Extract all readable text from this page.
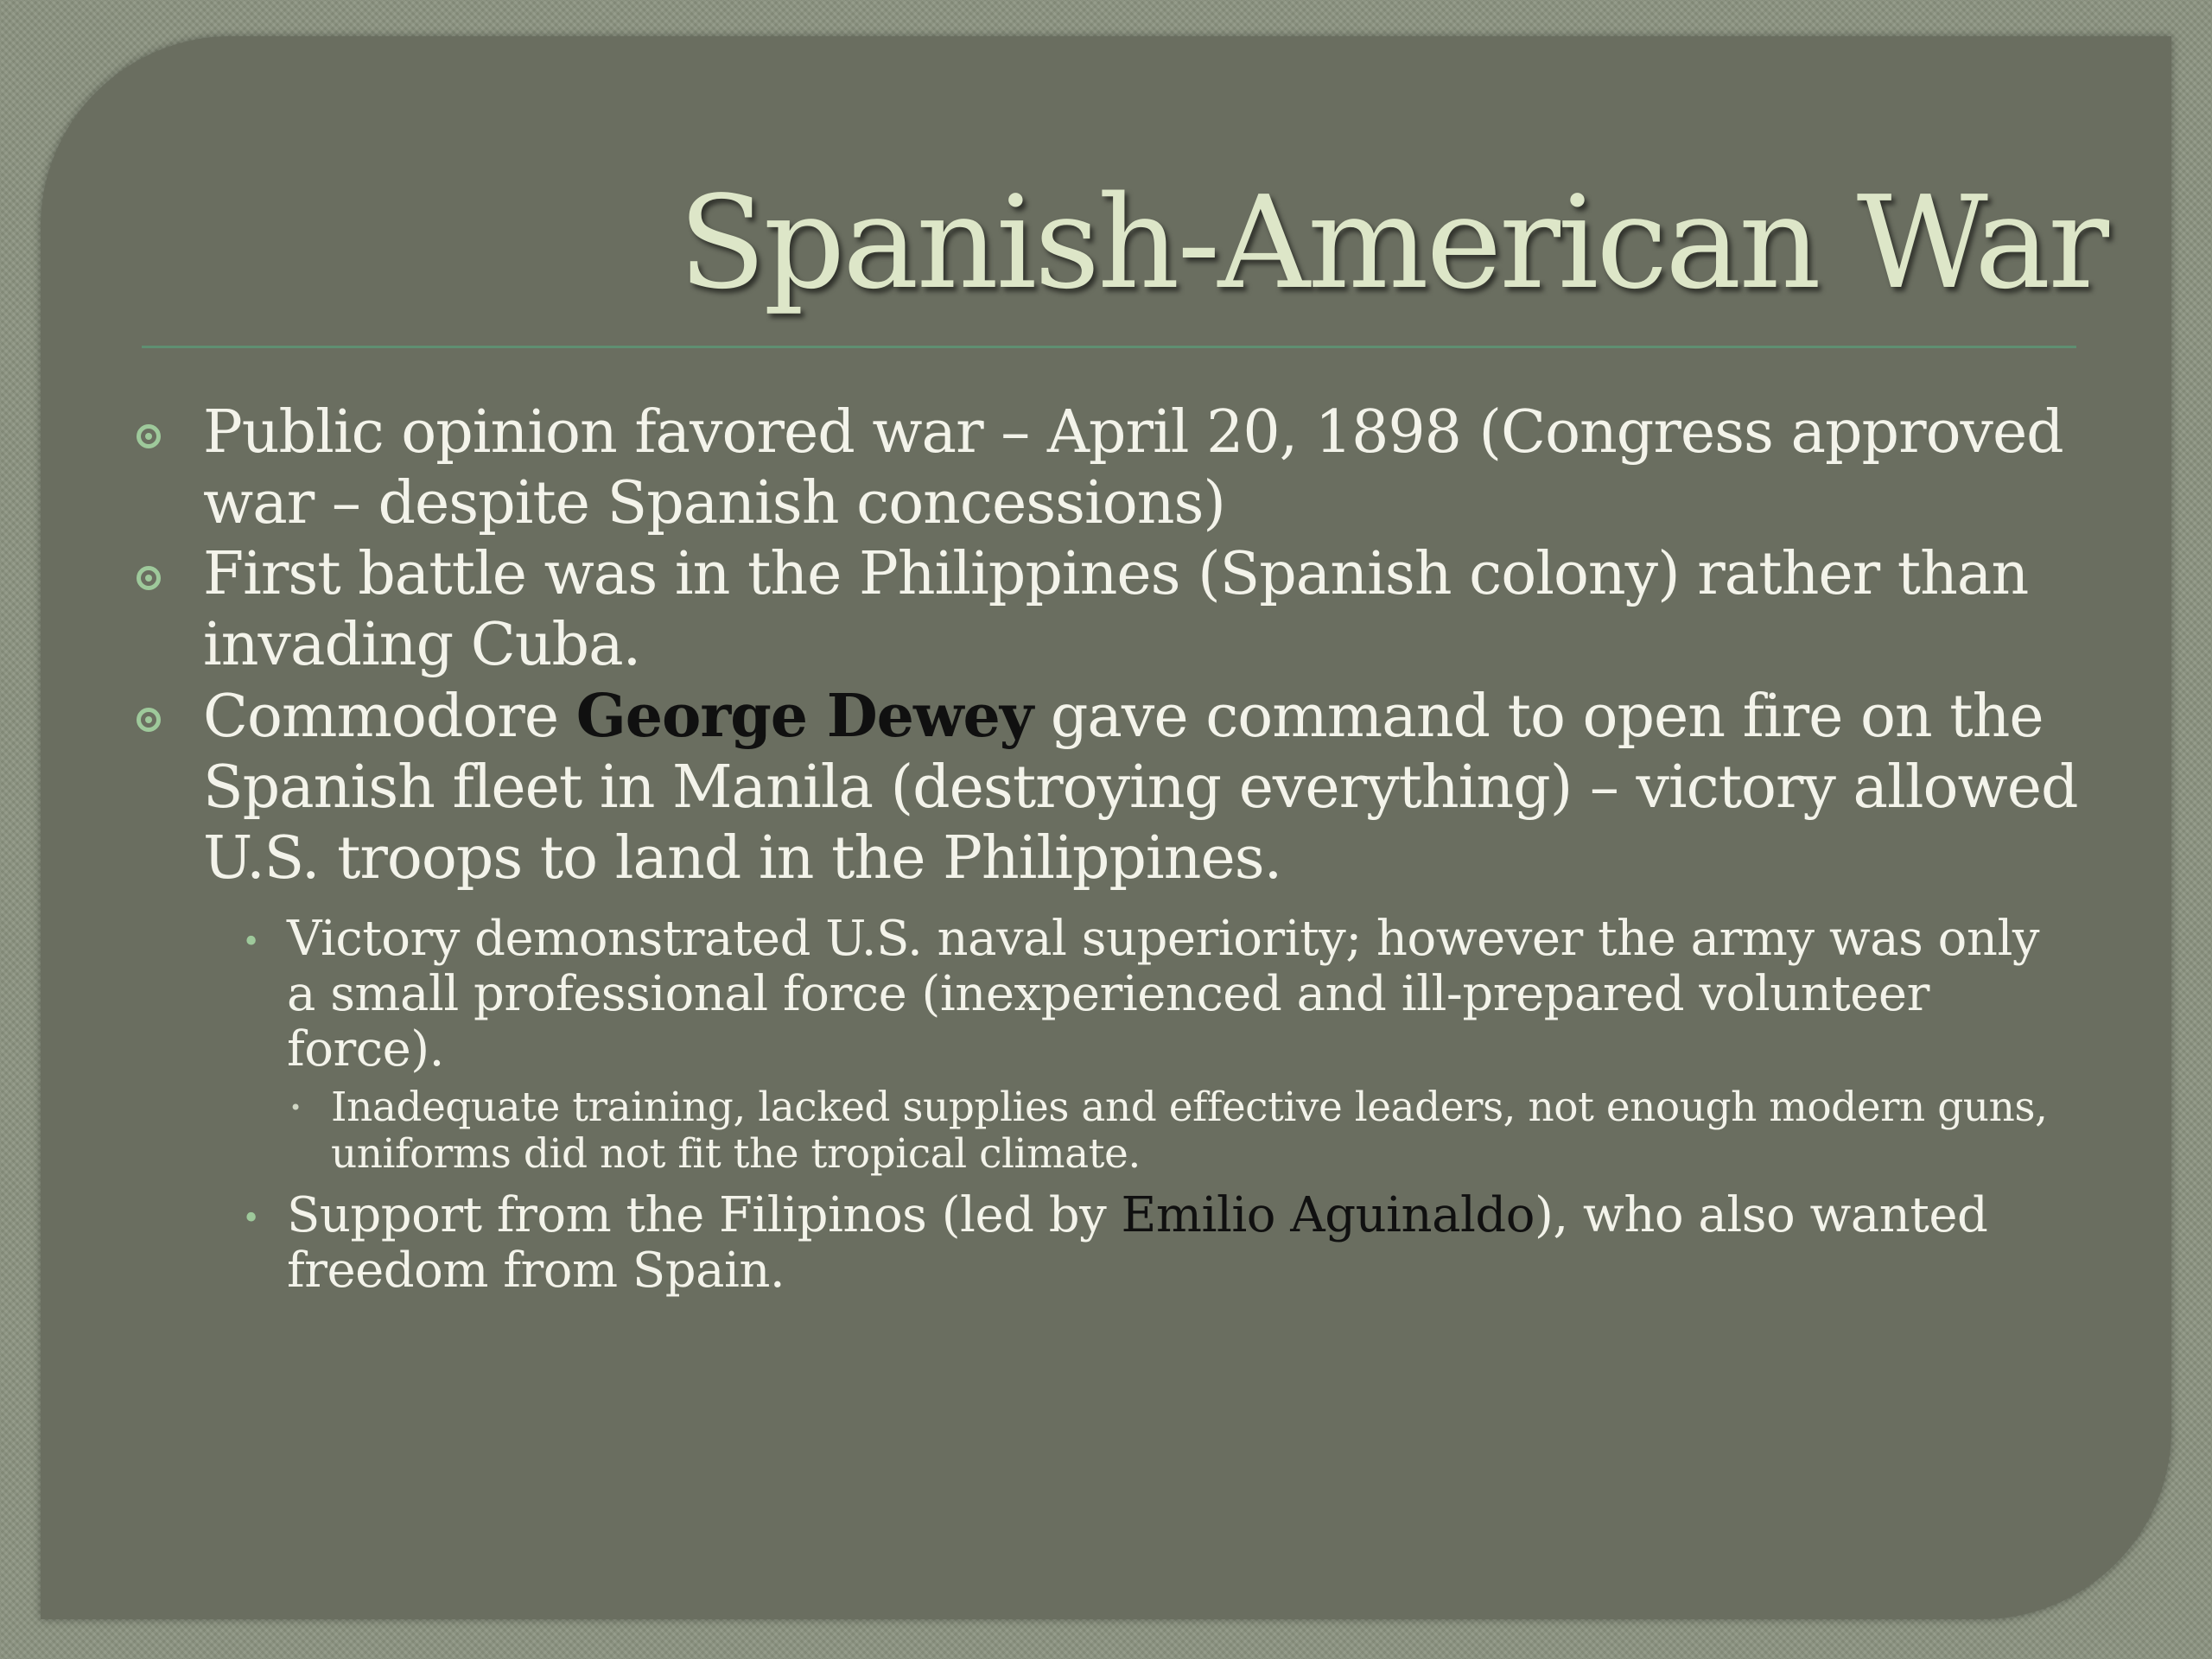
Spanish-American War

Public opinion favored war – April 20, 1898 (Congress approved war – despite Spanish concessions)

First battle was in the Philippines (Spanish colony) rather than invading Cuba.

Commodore George Dewey gave command to open fire on the Spanish fleet in Manila (destroying everything) – victory allowed U.S. troops to land in the Philippines.

• Victory demonstrated U.S. naval superiority; however the army was only a small professional force (inexperienced and ill-prepared volunteer force).

• Inadequate training, lacked supplies and effective leaders, not enough modern guns, uniforms did not fit the tropical climate.

• Support from the Filipinos (led by Emilio Aguinaldo), who also wanted freedom from Spain.
